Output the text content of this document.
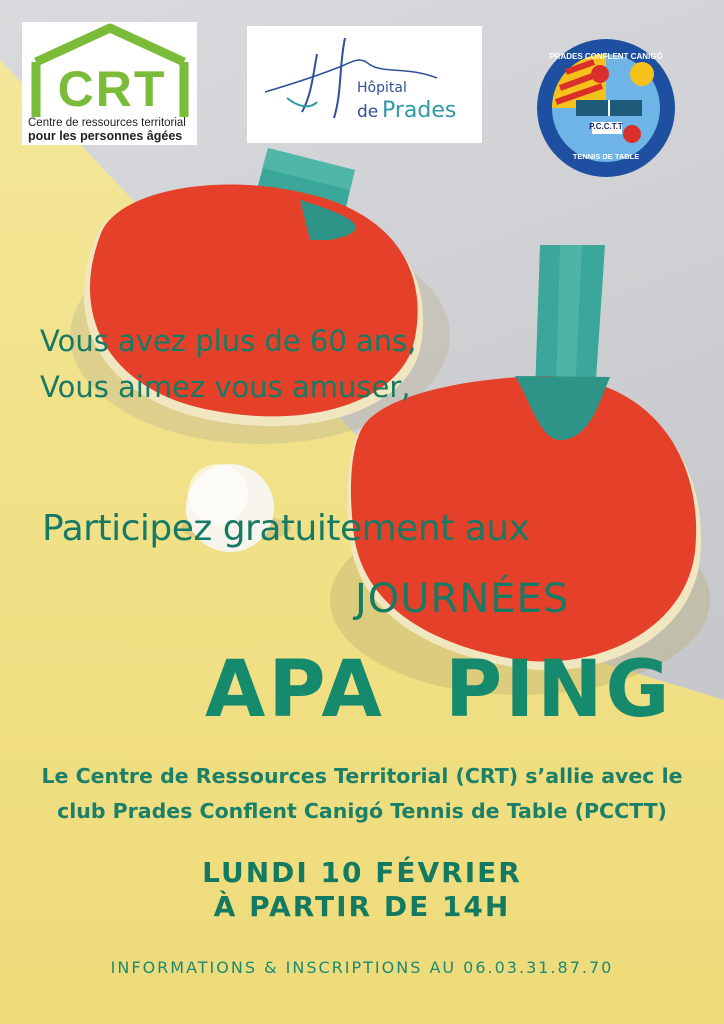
CRT
Centre de ressources territorial
pour les personnes âgées
Hôpital
de Prades
PRADES CONFLENT CANIGÓ
P.C.C.T.T
TENNIS DE TABLE
Vous avez plus de 60 ans,
Vous aimez vous amuser,
Participez gratuitement aux
JOURNÉES
APA  PING
Le Centre de Ressources Territorial (CRT) s’allie avec le
club Prades Conflent Canigó Tennis de Table (PCCTT)
LUNDI 10 FÉVRIER
À PARTIR DE 14H
INFORMATIONS & INSCRIPTIONS AU 06.03.31.87.70
